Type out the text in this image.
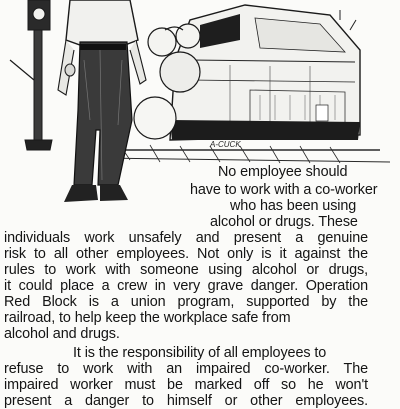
A-CUCK
No employee should
have to work with a co-worker
who has been using
alcohol or drugs. These
individuals work unsafely and present a genuine
risk to all other employees. Not only is it against the
rules to work with someone using alcohol or drugs,
it could place a crew in very grave danger. Operation
Red Block is a union program, supported by the
railroad, to help keep the workplace safe from
alcohol and drugs.
It is the responsibility of all employees to
refuse to work with an impaired co-worker. The
impaired worker must be marked off so he won't
present a danger to himself or other employees.
